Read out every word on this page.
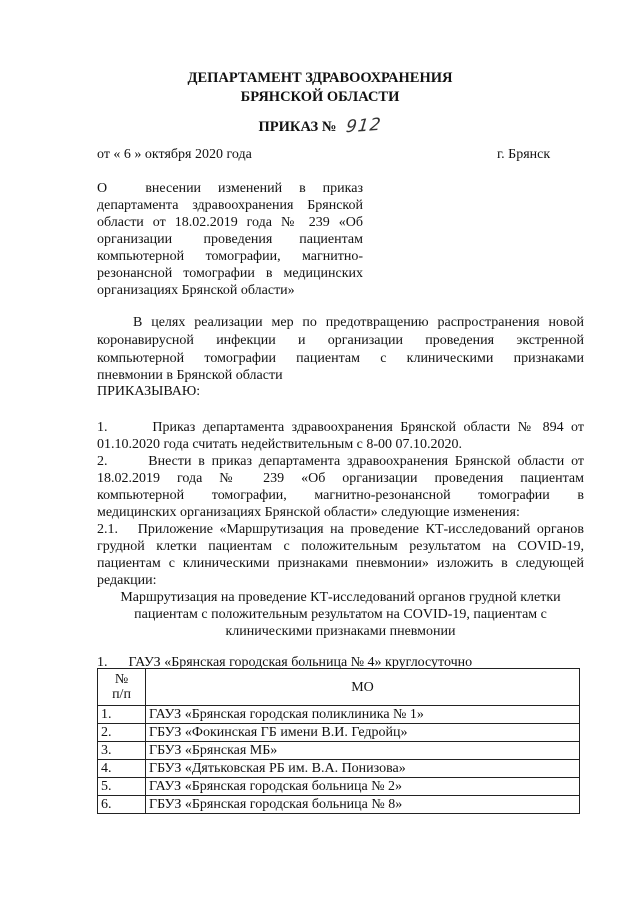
ДЕПАРТАМЕНТ ЗДРАВООХРАНЕНИЯ
БРЯНСКОЙ ОБЛАСТИ
ПРИКАЗ № 912
от « 6 » октября 2020 года	г. Брянск
О         внесении    изменений    в    приказ
департамента здравоохранения Брянской
области от 18.02.2019 года № 239 «Об
организации       проведения      пациентам
компьютерной    томографии,    магнитно-
резонансной томографии в медицинских
организациях Брянской области»
В целях реализации мер по предотвращению распространения новой
коронавирусной инфекции и организации проведения экстренной
компьютерной томографии пациентам с клиническими признаками
пневмонии в Брянской области
ПРИКАЗЫВАЮ:
1.      Приказ департамента здравоохранения Брянской области № 894 от
01.10.2020 года считать недействительным с 8-00 07.10.2020.
2.      Внести в приказ департамента здравоохранения Брянской области от
18.02.2019 года № 239 «Об организации проведения пациентам
компьютерной томографии, магнитно-резонансной томографии в
медицинских организациях Брянской области» следующие изменения:
2.1.   Приложение «Маршрутизация на проведение КТ-исследований органов
грудной клетки пациентам с положительным результатом на COVID-19,
пациентам с клиническими признаками пневмонии» изложить в следующей
редакции:
Маршрутизация на проведение КТ-исследований органов грудной клетки
пациентам с положительным результатом на COVID-19, пациентам с
клиническими признаками пневмонии
1.      ГАУЗ «Брянская городская больница № 4» круглосуточно
№
п/п	МО
1.	ГАУЗ «Брянская городская поликлиника № 1»
2.	ГБУЗ «Фокинская ГБ имени В.И. Гедройц»
3.	ГБУЗ «Брянская МБ»
4.	ГБУЗ «Дятьковская РБ им. В.А. Понизова»
5.	ГАУЗ «Брянская городская больница № 2»
6.	ГБУЗ «Брянская городская больница № 8»
